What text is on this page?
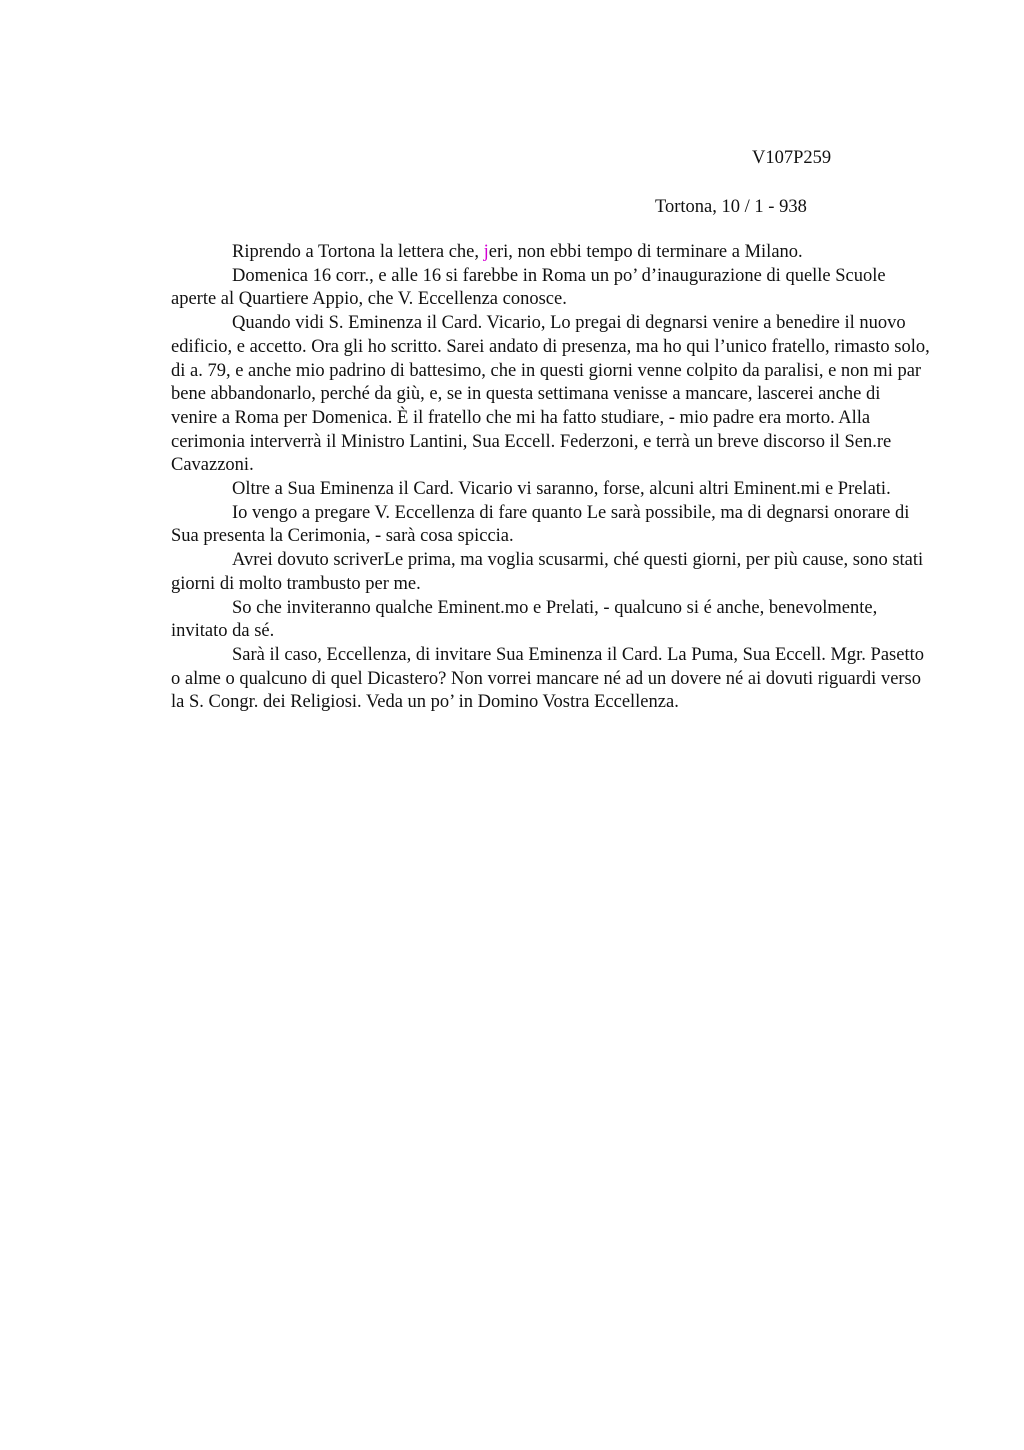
V107P259
Tortona, 10 / 1 - 938

Riprendo a Tortona la lettera che, jeri, non ebbi tempo di terminare a Milano.

Domenica 16 corr., e alle 16 si farebbe in Roma un po’ d’inaugurazione di quelle Scuole aperte al Quartiere Appio, che V. Eccellenza conosce.

Quando vidi S. Eminenza il Card. Vicario, Lo pregai di degnarsi venire a benedire il nuovo edificio, e accetto. Ora gli ho scritto. Sarei andato di presenza, ma ho qui l’unico fratello, rimasto solo, di a. 79, e anche mio padrino di battesimo, che in questi giorni venne colpito da paralisi, e non mi par bene abbandonarlo, perché da giù, e, se in questa settimana venisse a mancare, lascerei anche di venire a Roma per Domenica. È il fratello che mi ha fatto studiare, - mio padre era morto. Alla cerimonia interverrà il Ministro Lantini, Sua Eccell. Federzoni, e terrà un breve discorso il Sen.re Cavazzoni.

Oltre a Sua Eminenza il Card. Vicario vi saranno, forse, alcuni altri Eminent.mi e Prelati.

Io vengo a pregare V. Eccellenza di fare quanto Le sarà possibile, ma di degnarsi onorare di Sua presenta la Cerimonia, - sarà cosa spiccia.

Avrei dovuto scriverLe prima, ma voglia scusarmi, ché questi giorni, per più cause, sono stati giorni di molto trambusto per me.

So che inviteranno qualche Eminent.mo e Prelati, - qualcuno si é anche, benevolmente, invitato da sé.

Sarà il caso, Eccellenza, di invitare Sua Eminenza il Card. La Puma, Sua Eccell. Mgr. Pasetto o alme o qualcuno di quel Dicastero? Non vorrei mancare né ad un dovere né ai dovuti riguardi verso la S. Congr. dei Religiosi. Veda un po’ in Domino Vostra Eccellenza.
